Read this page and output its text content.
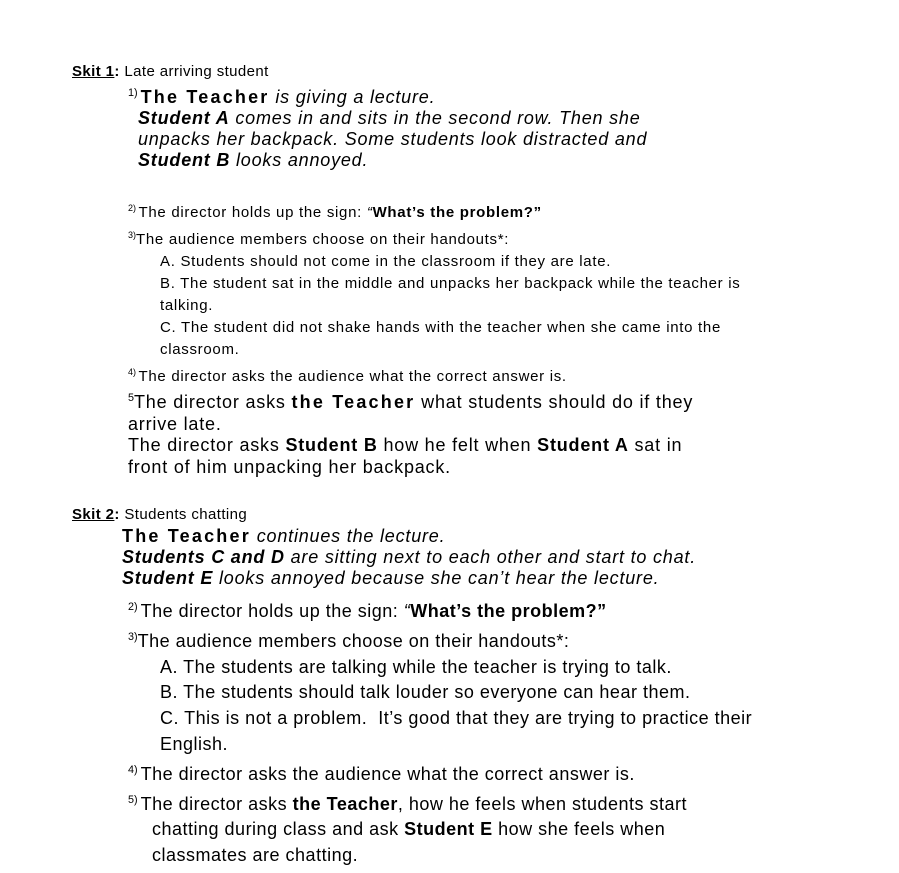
Skit 1: Late arriving student
$^{1)}$ The Teacher is giving a lecture.
Student A comes in and sits in the second row. Then she
unpacks her backpack. Some students look distracted and
Student B looks annoyed.
$^{2)}$ The director holds up the sign: “What’s the problem?”
$^{3)}$The audience members choose on their handouts*:
A. Students should not come in the classroom if they are late.
B. The student sat in the middle and unpacks her backpack while the teacher is
talking.
C. The student did not shake hands with the teacher when she came into the
classroom.
$^{4)}$ The director asks the audience what the correct answer is.
$^5$The director asks the Teacher what students should do if they
arrive late.
The director asks Student B how he felt when Student A sat in
front of him unpacking her backpack.
Skit 2: Students chatting
The Teacher continues the lecture.
Students C and D are sitting next to each other and start to chat.
Student E looks annoyed because she can’t hear the lecture.
$^{2)}$ The director holds up the sign: “What’s the problem?”
$^{3)}$The audience members choose on their handouts*:
A. The students are talking while the teacher is trying to talk.
B. The students should talk louder so everyone can hear them.
C. This is not a problem.  It’s good that they are trying to practice their
English.
$^{4)}$ The director asks the audience what the correct answer is.
$^{5)}$ The director asks the Teacher, how he feels when students start
chatting during class and ask Student E how she feels when
classmates are chatting.
